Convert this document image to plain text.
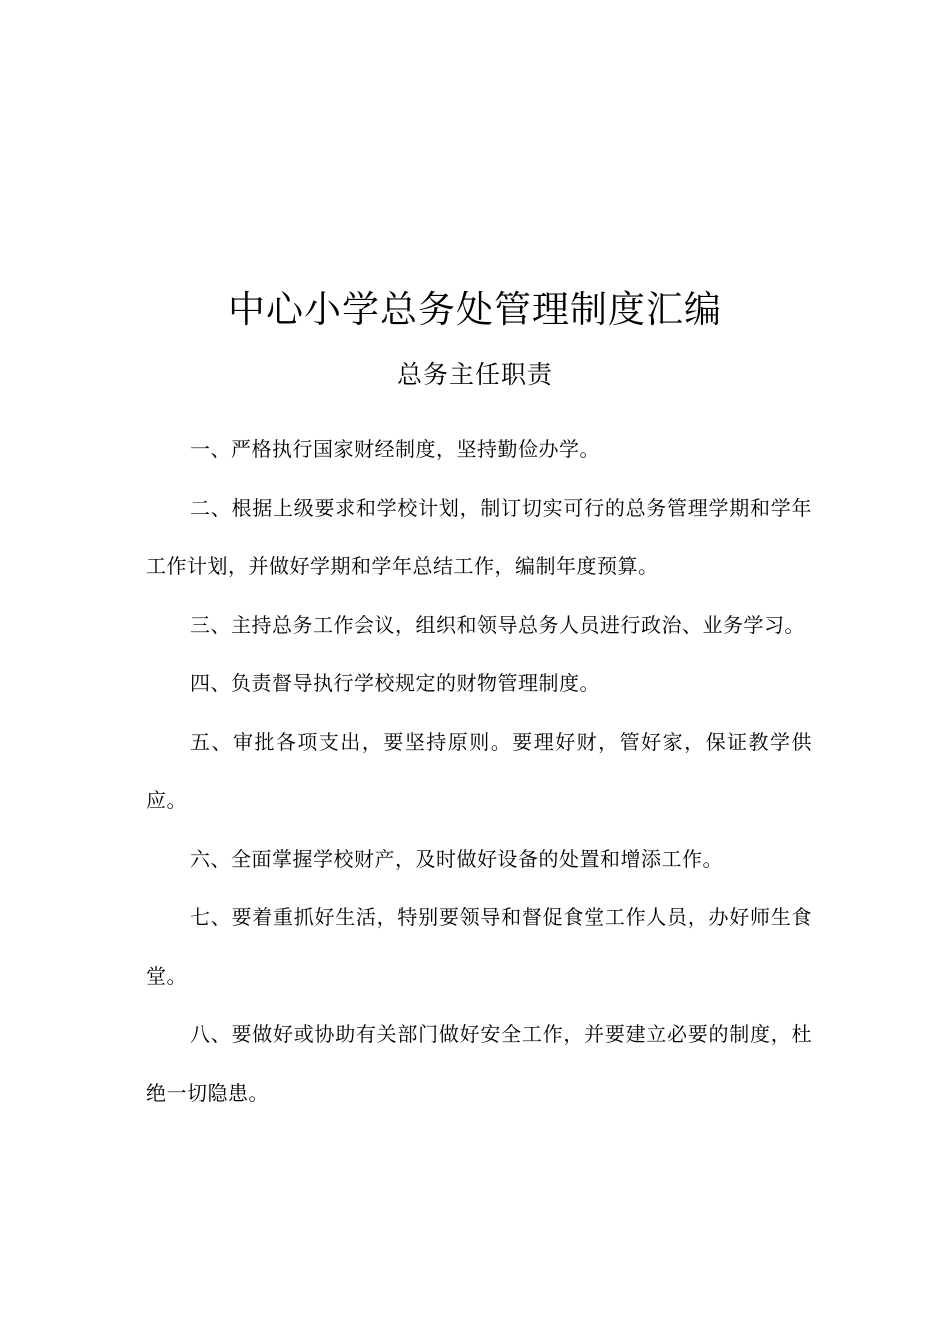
中心小学总务处管理制度汇编
总务主任职责

一、严格执行国家财经制度，坚持勤俭办学。

二、根据上级要求和学校计划，制订切实可行的总务管理学期和学年工作计划，并做好学期和学年总结工作，编制年度预算。

三、主持总务工作会议，组织和领导总务人员进行政治、业务学习。

四、负责督导执行学校规定的财物管理制度。

五、审批各项支出，要坚持原则。要理好财，管好家，保证教学供应。

六、全面掌握学校财产，及时做好设备的处置和增添工作。

七、要着重抓好生活，特别要领导和督促食堂工作人员，办好师生食堂。

八、要做好或协助有关部门做好安全工作，并要建立必要的制度，杜绝一切隐患。
